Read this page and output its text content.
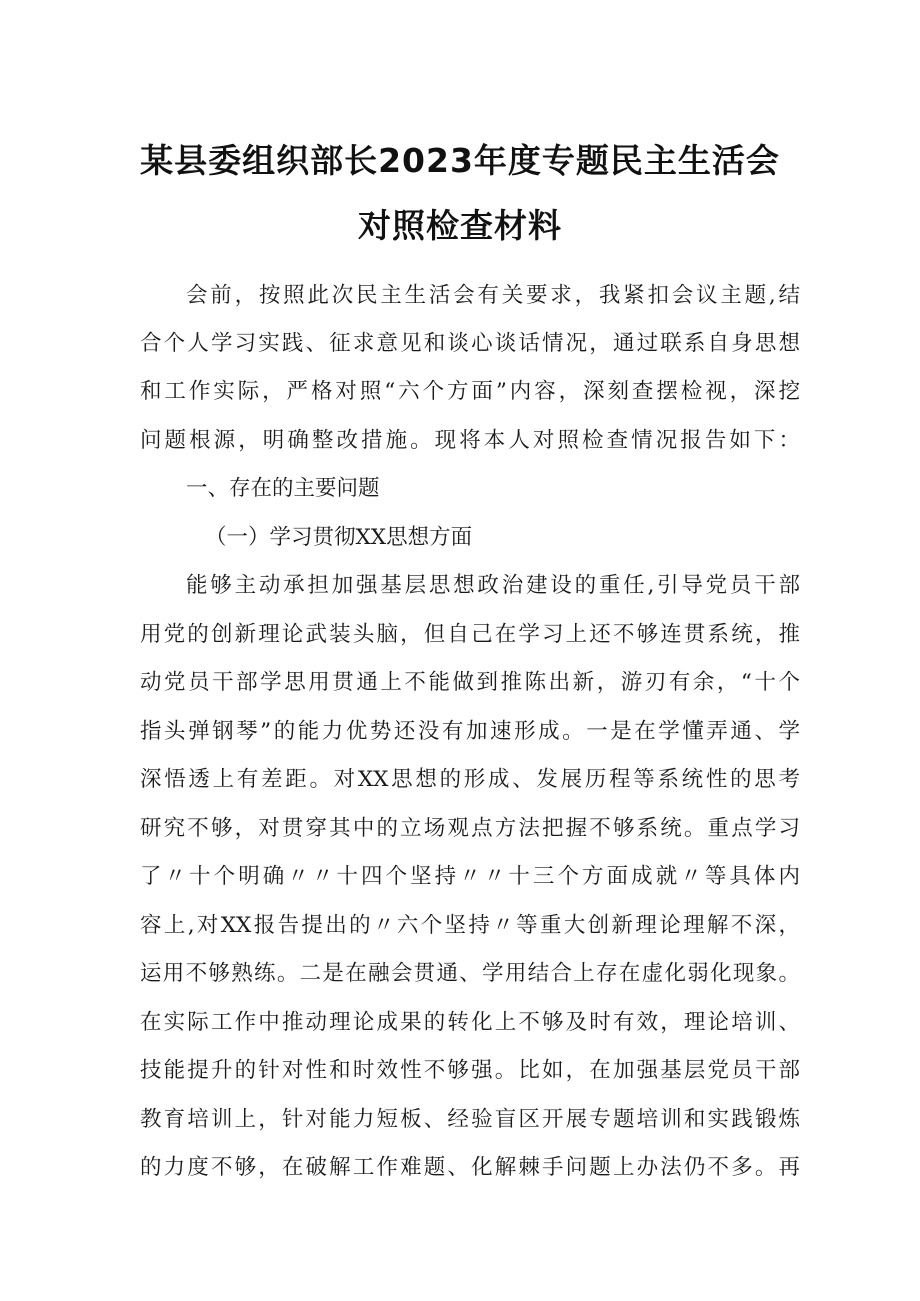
某县委组织部长2023年度专题民主生活会
对照检查材料
会前，按照此次民主生活会有关要求，我紧扣会议主题,结
合个人学习实践、征求意见和谈心谈话情况，通过联系自身思想
和工作实际，严格对照“六个方面”内容，深刻查摆检视，深挖
问题根源，明确整改措施。现将本人对照检查情况报告如下：
一、存在的主要问题
（一）学习贯彻XX思想方面
能够主动承担加强基层思想政治建设的重任,引导党员干部
用党的创新理论武装头脑，但自己在学习上还不够连贯系统，推
动党员干部学思用贯通上不能做到推陈出新，游刃有余，“十个
指头弹钢琴”的能力优势还没有加速形成。一是在学懂弄通、学
深悟透上有差距。对XX思想的形成、发展历程等系统性的思考
研究不够，对贯穿其中的立场观点方法把握不够系统。重点学习
了〃十个明确〃〃十四个坚持〃〃十三个方面成就〃等具体内
容上,对XX报告提出的〃六个坚持〃等重大创新理论理解不深，
运用不够熟练。二是在融会贯通、学用结合上存在虚化弱化现象。
在实际工作中推动理论成果的转化上不够及时有效，理论培训、
技能提升的针对性和时效性不够强。比如，在加强基层党员干部
教育培训上，针对能力短板、经验盲区开展专题培训和实践锻炼
的力度不够，在破解工作难题、化解棘手问题上办法仍不多。再
